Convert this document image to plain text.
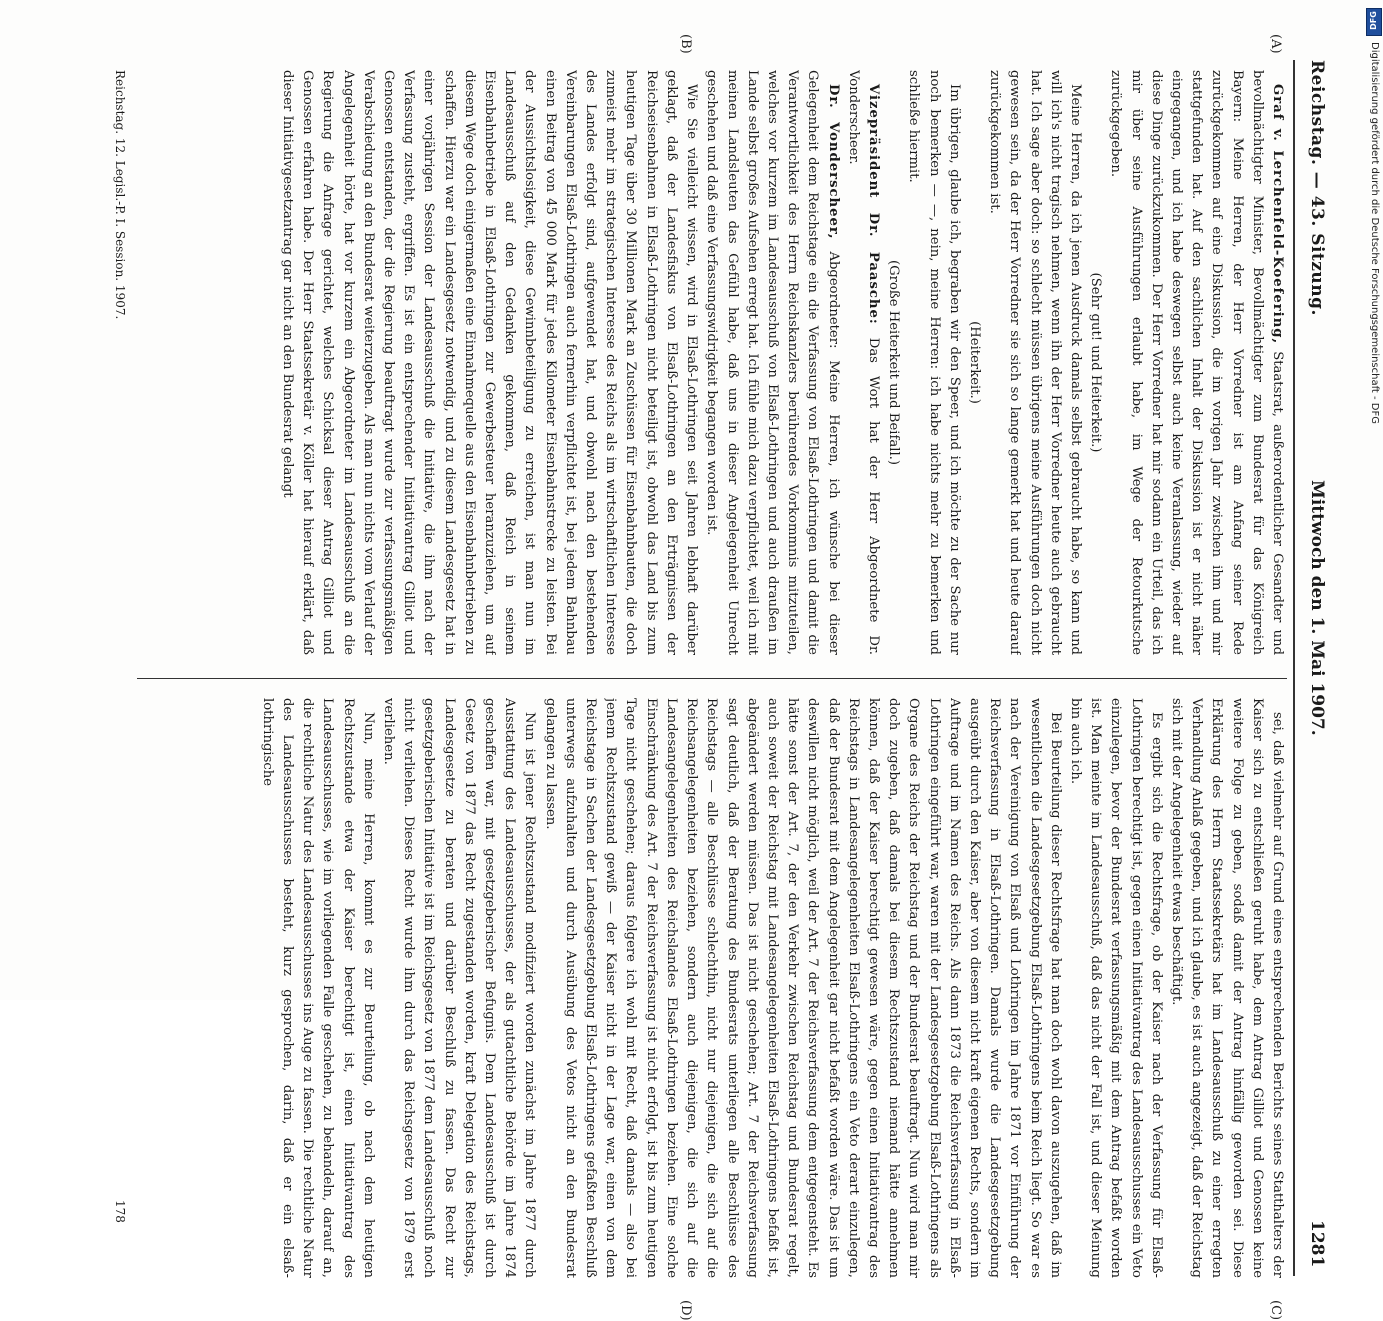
Reichstag. — 43. Sitzung.
Mittwoch den 1. Mai 1907.
1281
(A)
(B)
(C)
(D)

Graf v. Lerchenfeld-Koefering, Staatsrat, außerordentlicher Gesandter und bevollmächtigter Minister, Bevollmächtigter zum Bundesrat für das Königreich Bayern: Meine Herren, der Herr Vorredner ist am Anfang seiner Rede zurückgekommen auf eine Diskussion, die im vorigen Jahr zwischen ihm und mir stattgefunden hat. Auf den sachlichen Inhalt der Diskussion ist er nicht näher eingegangen, und ich habe deswegen selbst auch keine Veranlassung, wieder auf diese Dinge zurückzukommen. Der Herr Vorredner hat mir sodann ein Urteil, das ich mir über seine Ausführungen erlaubt habe, im Wege der Retourkutsche zurückgegeben.

(Sehr gut! und Heiterkeit.)

Meine Herren, da ich jenen Ausdruck damals selbst gebraucht habe, so kann und will ich's nicht tragisch nehmen, wenn ihn der Herr Vorredner heute auch gebraucht hat. Ich sage aber doch: so schlecht müssen übrigens meine Ausführungen doch nicht gewesen sein, da der Herr Vorredner sie sich so lange gemerkt hat und heute darauf zurückgekommen ist.

(Heiterkeit.)

Im übrigen, glaube ich, begraben wir den Speer, und ich möchte zu der Sache nur noch bemerken — —, nein, meine Herren: ich habe nichts mehr zu bemerken und schließe hiermit.

(Große Heiterkeit und Beifall.)

Vizepräsident Dr. Paasche: Das Wort hat der Herr Abgeordnete Dr. Vonderscheer.

Dr. Vonderscheer, Abgeordneter: Meine Herren, ich wünsche bei dieser Gelegenheit dem Reichstage ein die Verfassung von Elsaß-Lothringen und damit die Verantwortlichkeit des Herrn Reichskanzlers berührendes Vorkommnis mitzuteilen, welches vor kurzem im Landesausschuß von Elsaß-Lothringen und auch draußen im Lande selbst großes Aufsehen erregt hat. Ich fühle mich dazu verpflichtet, weil ich mit meinen Landsleuten das Gefühl habe, daß uns in dieser Angelegenheit Unrecht geschehen und daß eine Verfassungswidrigkeit begangen worden ist.

Wie Sie vielleicht wissen, wird in Elsaß-Lothringen seit Jahren lebhaft darüber geklagt, daß der Landesfiskus von Elsaß-Lothringen an den Erträgnissen der Reichseisenbahnen in Elsaß-Lothringen nicht beteiligt ist, obwohl das Land bis zum heutigen Tage über 30 Millionen Mark an Zuschüssen für Eisenbahnbauten, die doch zumeist mehr im strategischen Interesse des Reichs als im wirtschaftlichen Interesse des Landes erfolgt sind, aufgewendet hat, und obwohl nach den bestehenden Vereinbarungen Elsaß-Lothringen auch fernerhin verpflichtet ist, bei jedem Bahnbau einen Beitrag von 45 000 Mark für jedes Kilometer Eisenbahnstrecke zu leisten. Bei der Aussichtslosigkeit, diese Gewinnbeteiligung zu erreichen, ist man nun im Landesausschuß auf den Gedanken gekommen, daß Reich in seinem Eisenbahnbetriebe in Elsaß-Lothringen zur Gewerbesteuer heranzuziehen, um auf diesem Wege doch einigermaßen eine Einnahmequelle aus den Eisenbahnbetrieben zu schaffen. Hierzu war ein Landesgesetz notwendig, und zu diesem Landesgesetz hat in einer vorjährigen Session der Landesausschuß die Initiative, die ihm nach der Verfassung zusteht, ergriffen. Es ist ein entsprechender Initiativantrag Gilliot und Genossen entstanden, der die Regierung beauftragt wurde zur verfassungsmäßigen Verabschiedung an den Bundesrat weiterzugeben. Als man nun nichts vom Verlauf der Angelegenheit hörte, hat vor kurzem ein Abgeordneter im Landesausschuß an die Regierung die Anfrage gerichtet, welches Schicksal dieser Antrag Gilliot und Genossen erfahren habe. Der Herr Staatssekretär v. Köller hat hierauf erklärt, daß dieser Initiativgesetzantrag gar nicht an den Bundesrat gelangt

sei, daß vielmehr auf Grund eines entsprechenden Berichts seines Statthalters der Kaiser sich zu entschließen geruht habe, dem Antrag Gilliot und Genossen keine weitere Folge zu geben, sodaß damit der Antrag hinfällig geworden sei. Diese Erklärung des Herrn Staatssekretärs hat im Landesausschuß zu einer erregten Verhandlung Anlaß gegeben, und ich glaube, es ist auch angezeigt, daß der Reichstag sich mit der Angelegenheit etwas beschäftigt.

Es ergibt sich die Rechtsfrage, ob der Kaiser nach der Verfassung für Elsaß-Lothringen berechtigt ist, gegen einen Initiativantrag des Landesausschusses ein Veto einzulegen, bevor der Bundesrat verfassungsmäßig mit dem Antrag befaßt worden ist. Man meinte im Landesausschuß, daß das nicht der Fall ist, und dieser Meinung bin auch ich.

Bei Beurteilung dieser Rechtsfrage hat man doch wohl davon auszugehen, daß im wesentlichen die Landesgesetzgebung Elsaß-Lothringens beim Reich liegt. So war es nach der Vereinigung von Elsaß und Lothringen im Jahre 1871 vor Einführung der Reichsverfassung in Elsaß-Lothringen. Damals wurde die Landesgesetzgebung ausgeübt durch den Kaiser, aber von diesem nicht kraft eigenen Rechts, sondern im Auftrage und im Namen des Reichs. Als dann 1873 die Reichsverfassung in Elsaß-Lothringen eingeführt war, waren mit der Landesgesetzgebung Elsaß-Lothringens als Organe des Reichs der Reichstag und der Bundesrat beauftragt. Nun wird man mir doch zugeben, daß damals bei diesem Rechtszustand niemand hätte annehmen können, daß der Kaiser berechtigt gewesen wäre, gegen einen Initiativantrag des Reichstags in Landesangelegenheiten Elsaß-Lothringens ein Veto derart einzulegen, daß der Bundesrat mit dem Angelegenheit gar nicht befaßt worden wäre. Das ist um deswillen nicht möglich, weil der Art. 7 der Reichsverfassung dem entgegensteht. Es hätte sonst der Art. 7, der den Verkehr zwischen Reichstag und Bundesrat regelt, auch soweit der Reichstag mit Landesangelegenheiten Elsaß-Lothringens befaßt ist, abgeändert werden müssen. Das ist nicht geschehen; Art. 7 der Reichsverfassung sagt deutlich, daß der Beratung des Bundesrats unterliegen alle Beschlüsse des Reichstags — alle Beschlüsse schlechthin, nicht nur diejenigen, die sich auf die Reichsangelegenheiten beziehen, sondern auch diejenigen, die sich auf die Landesangelegenheiten des Reichslandes Elsaß-Lothringen beziehen. Eine solche Einschränkung des Art. 7 der Reichsverfassung ist nicht erfolgt, ist bis zum heutigen Tage nicht geschehen; daraus folgere ich wohl mit Recht, daß damals — also bei jenem Rechtszustand gewiß — der Kaiser nicht in der Lage war, einen von dem Reichstage in Sachen der Landesgesetzgebung Elsaß-Lothringens gefaßten Beschluß unterwegs aufzuhalten und durch Ausübung des Vetos nicht an den Bundesrat gelangen zu lassen.

Nun ist jener Rechtszustand modifiziert worden zunächst im Jahre 1877 durch Ausstattung des Landesausschusses, der als gutachtliche Behörde im Jahre 1874 geschaffen war, mit gesetzgeberischer Befugnis. Dem Landesausschuß ist durch Gesetz von 1877 das Recht zugestanden worden, kraft Delegation des Reichstags, Landesgesetze zu beraten und darüber Beschluß zu fassen. Das Recht zur gesetzgeberischen Initiative ist im Reichsgesetz von 1877 dem Landesausschuß noch nicht verliehen. Dieses Recht wurde ihm durch das Reichsgesetz von 1879 erst verliehen.

Nun, meine Herren, kommt es zur Beurteilung, ob nach dem heutigen Rechtszustande etwa der Kaiser berechtigt ist, einen Initiativantrag des Landesausschusses, wie im vorliegenden Falle geschehen, zu behandeln, darauf an, die rechtliche Natur des Landesausschusses ins Auge zu fassen. Die rechtliche Natur des Landesausschusses besteht, kurz gesprochen, darin, daß er ein elsaß-lothringische

Reichstag. 12. Legisl.-P. I. Session. 1907.
178
DFG
Digitalisierung gefördert durch die Deutsche Forschungsgemeinschaft - DFG
